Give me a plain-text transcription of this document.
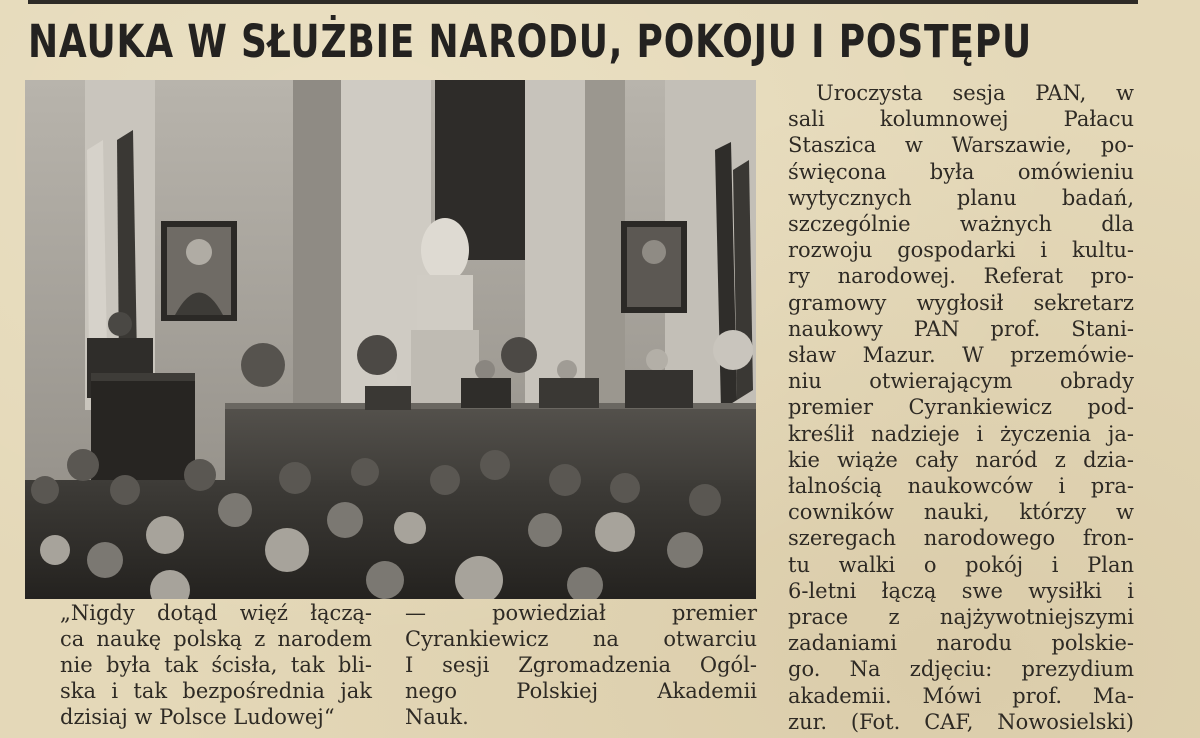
NAUKA W SŁUŻBIE NARODU, POKOJU I POSTĘPU
„Nigdy dotąd więź łączą-
ca naukę polską z narodem
nie była tak ścisła, tak bli-
ska i tak bezpośrednia jak
dzisiaj w Polsce Ludowej“
— powiedział premier
Cyrankiewicz na otwarciu
I sesji Zgromadzenia Ogól-
nego Polskiej Akademii
Nauk.
Uroczysta sesja PAN, w
sali kolumnowej Pałacu
Staszica w Warszawie, po-
święcona była omówieniu
wytycznych planu badań,
szczególnie ważnych dla
rozwoju gospodarki i kultu-
ry narodowej. Referat pro-
gramowy wygłosił sekretarz
naukowy PAN prof. Stani-
sław Mazur. W przemówie-
niu otwierającym obrady
premier Cyrankiewicz pod-
kreślił nadzieje i życzenia ja-
kie wiąże cały naród z dzia-
łalnością naukowców i pra-
cowników nauki, którzy w
szeregach narodowego fron-
tu walki o pokój i Plan
6-letni łączą swe wysiłki i
prace z najżywotniejszymi
zadaniami narodu polskie-
go. Na zdjęciu: prezydium
akademii. Mówi prof. Ma-
zur. (Fot. CAF, Nowosielski)
